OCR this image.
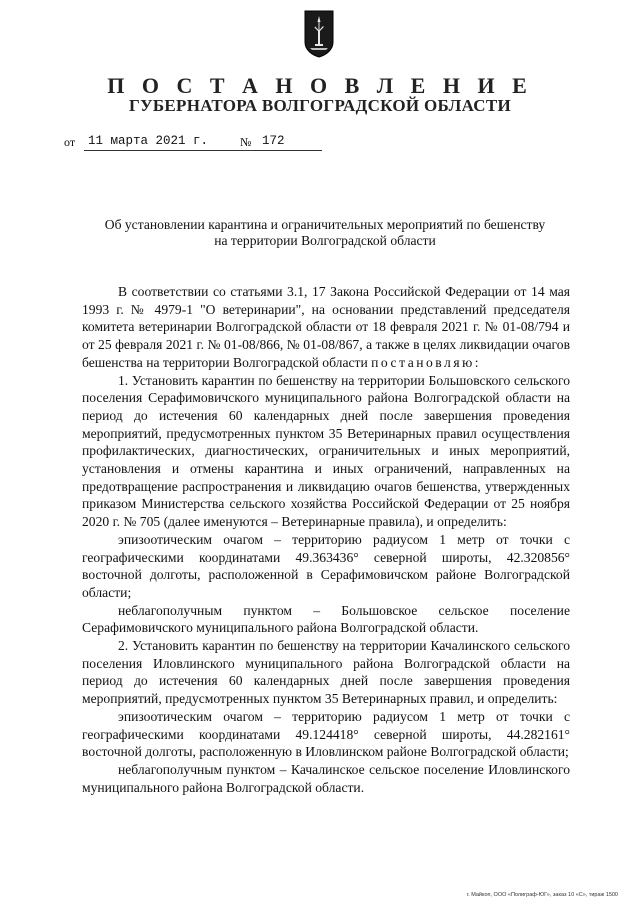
П О С Т А Н О В Л Е Н И Е
ГУБЕРНАТОРА ВОЛГОГРАДСКОЙ ОБЛАСТИ
от 11 марта 2021 г.	№ 172
Об установлении карантина и ограничительных мероприятий по бешенству
на территории Волгоградской области

В соответствии со статьями 3.1, 17 Закона Российской Федерации от 14 мая 1993 г. № 4979-1 "О ветеринарии", на основании представлений председателя комитета ветеринарии Волгоградской области от 18 февраля 2021 г. № 01-08/794 и от 25 февраля 2021 г. № 01-08/866, № 01-08/867, а также в целях ликвидации очагов бешенства на территории Волгоградской области постановляю:

1. Установить карантин по бешенству на территории Большовского сельского поселения Серафимовичского муниципального района Волгоградской области на период до истечения 60 календарных дней после завершения проведения мероприятий, предусмотренных пунктом 35 Ветеринарных правил осуществления профилактических, диагностических, ограничительных и иных мероприятий, установления и отмены карантина и иных ограничений, направленных на предотвращение распространения и ликвидацию очагов бешенства, утвержденных приказом Министерства сельского хозяйства Российской Федерации от 25 ноября 2020 г. № 705 (далее именуются – Ветеринарные правила), и определить:

эпизоотическим очагом – территорию радиусом 1 метр от точки с географическими координатами 49.363436° северной широты, 42.320856° восточной долготы, расположенной в Серафимовичском районе Волгоградской области;

неблагополучным пунктом – Большовское сельское поселение Серафимовичского муниципального района Волгоградской области.

2. Установить карантин по бешенству на территории Качалинского сельского поселения Иловлинского муниципального района Волгоградской области на период до истечения 60 календарных дней после завершения проведения мероприятий, предусмотренных пунктом 35 Ветеринарных правил, и определить:

эпизоотическим очагом – территорию радиусом 1 метр от точки с географическими координатами 49.124418° северной широты, 44.282161° восточной долготы, расположенную в Иловлинском районе Волгоградской области;

неблагополучным пунктом – Качалинское сельское поселение Иловлинского муниципального района Волгоградской области.

г. Майкоп, ООО «Полиграф-ЮГ», заказ 10 «С», тираж 1500
